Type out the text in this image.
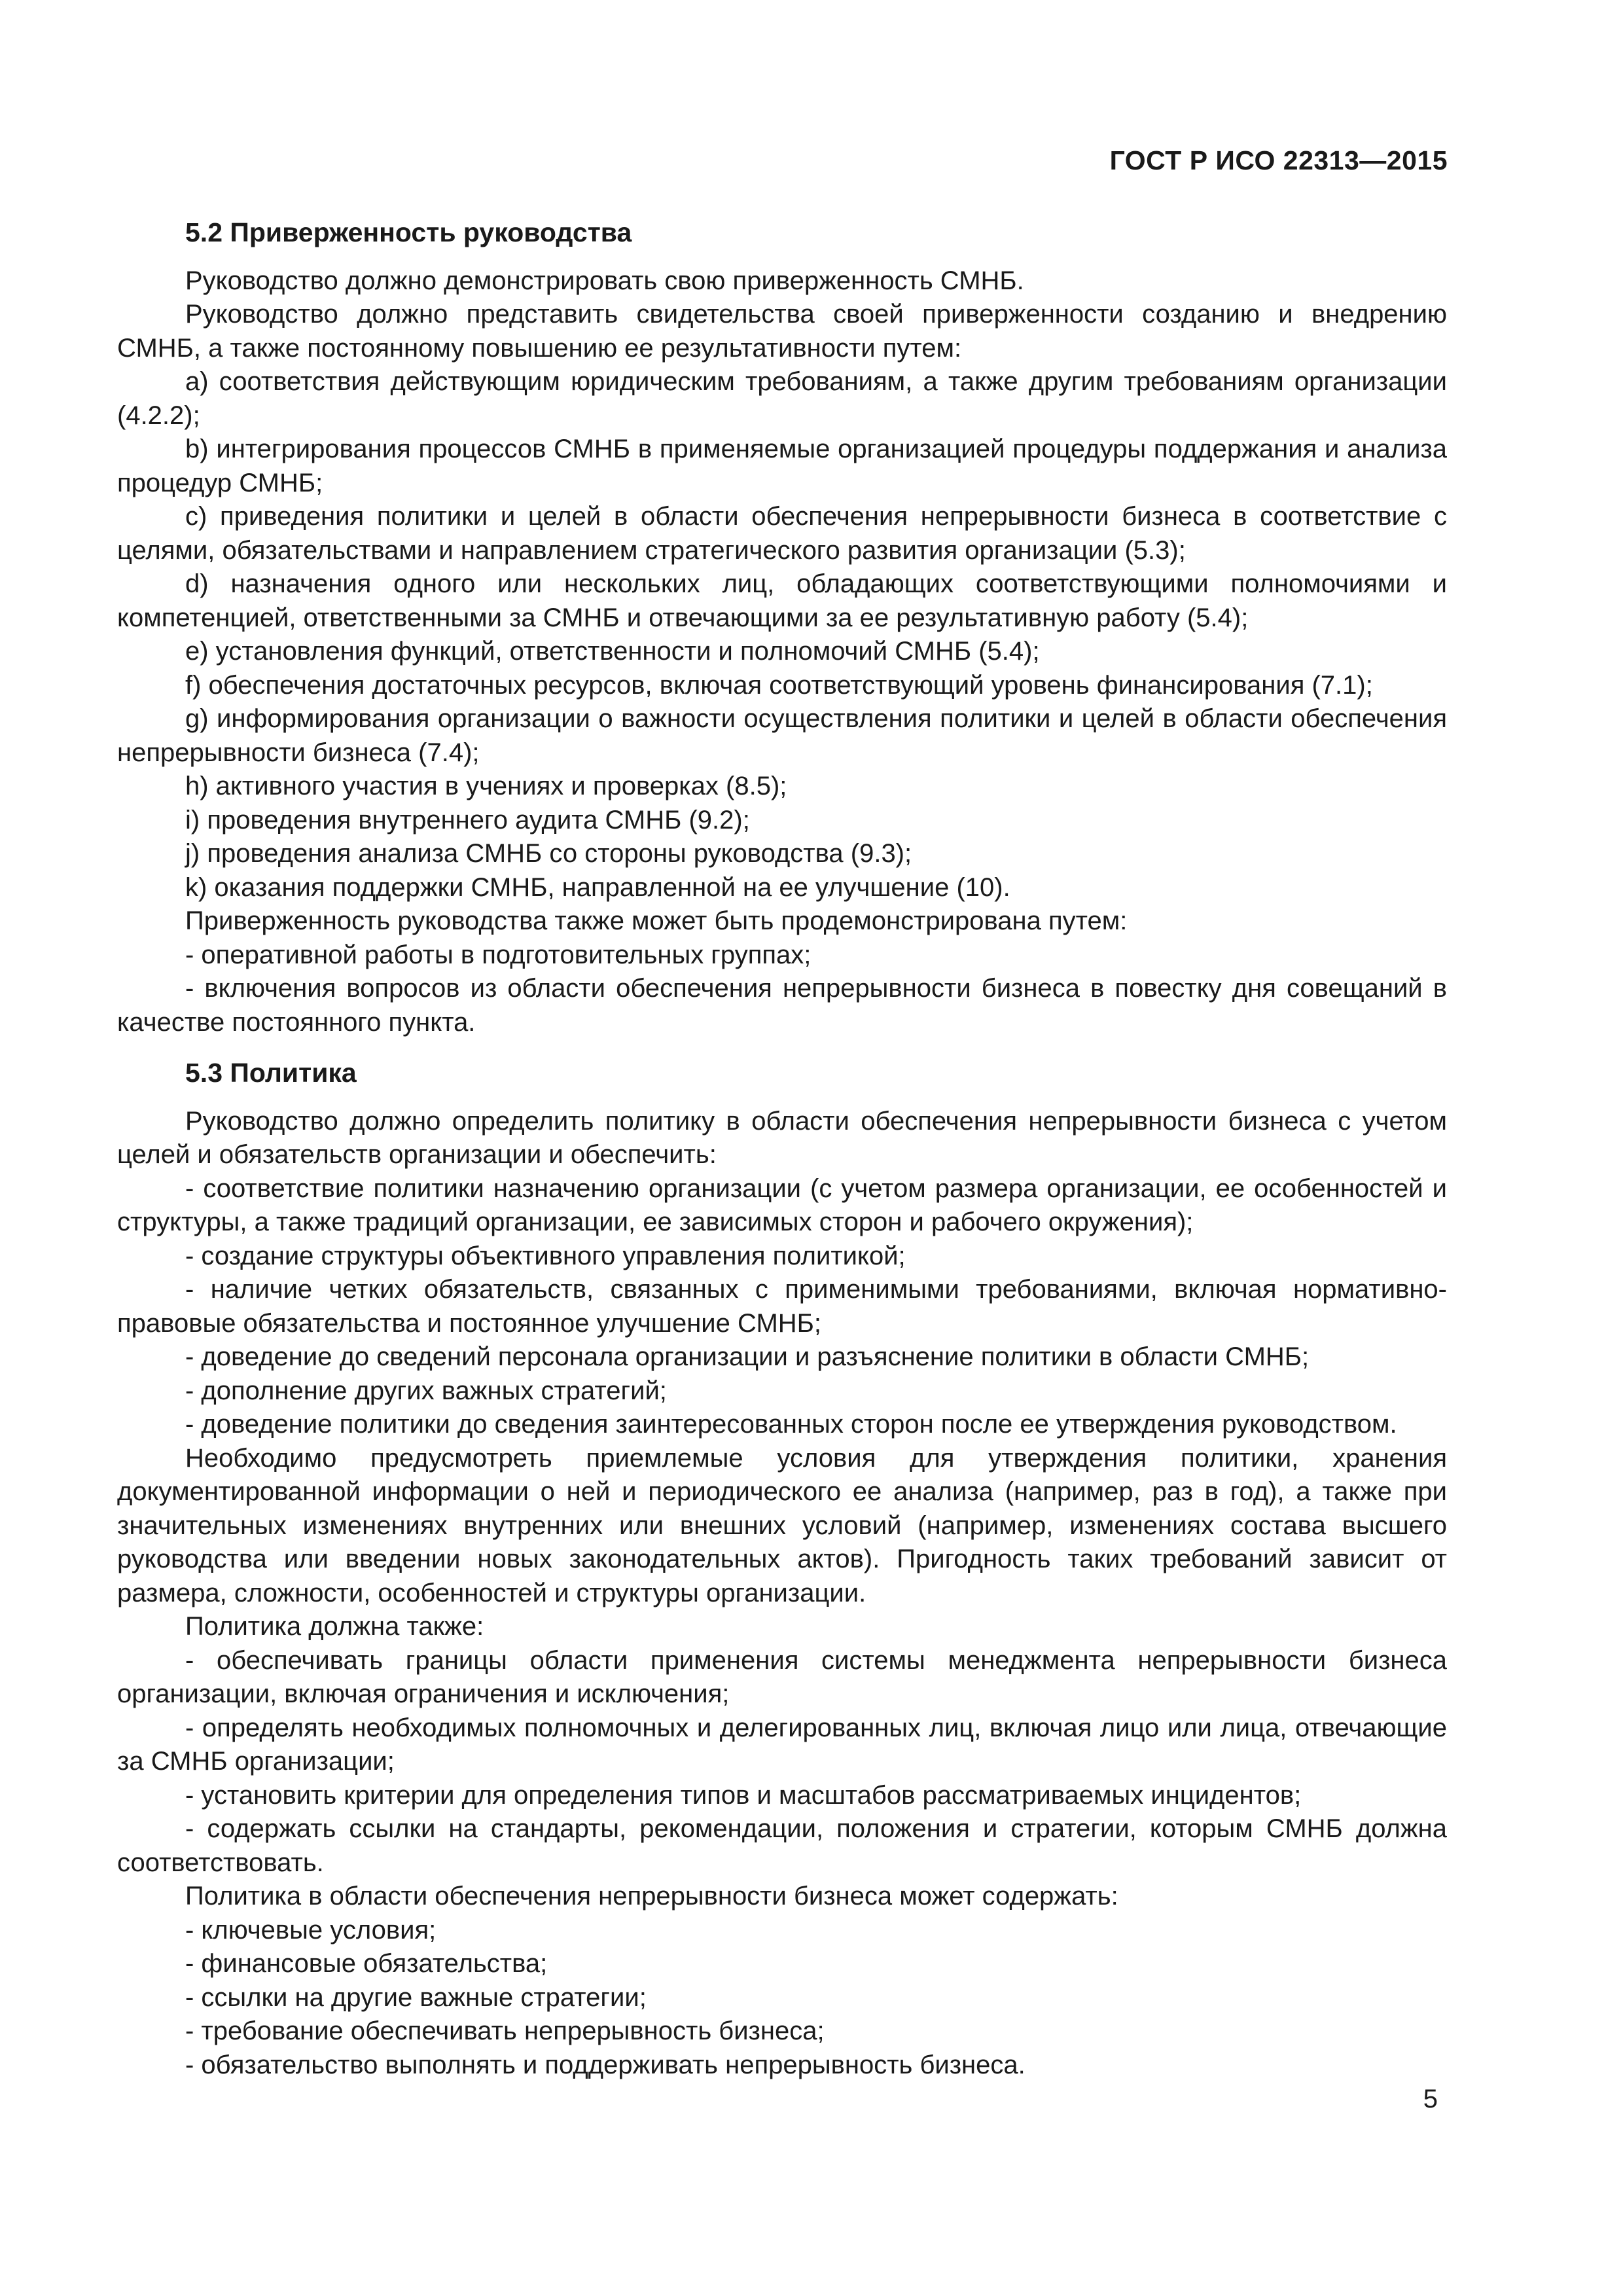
ГОСТ Р ИСО 22313—2015
5.2 Приверженность руководства

Руководство должно демонстрировать свою приверженность СМНБ.

Руководство должно представить свидетельства своей приверженности созданию и внедрению СМНБ, а также постоянному повышению ее результативности путем:

a) соответствия действующим юридическим требованиям, а также другим требованиям организации (4.2.2);

b) интегрирования процессов СМНБ в применяемые организацией процедуры поддержания и анализа процедур СМНБ;

c) приведения политики и целей в области обеспечения непрерывности бизнеса в соответствие с целями, обязательствами и направлением стратегического развития организации (5.3);

d) назначения одного или нескольких лиц, обладающих соответствующими полномочиями и компетенцией, ответственными за СМНБ и отвечающими за ее результативную работу (5.4);

e) установления функций, ответственности и полномочий СМНБ (5.4);

f) обеспечения достаточных ресурсов, включая соответствующий уровень финансирования (7.1);

g) информирования организации о важности осуществления политики и целей в области обеспечения непрерывности бизнеса (7.4);

h) активного участия в учениях и проверках (8.5);

i) проведения внутреннего аудита СМНБ (9.2);

j) проведения анализа СМНБ со стороны руководства (9.3);

k) оказания поддержки СМНБ, направленной на ее улучшение (10).

Приверженность руководства также может быть продемонстрирована путем:

- оперативной работы в подготовительных группах;

- включения вопросов из области обеспечения непрерывности бизнеса в повестку дня совещаний в качестве постоянного пункта.

5.3 Политика

Руководство должно определить политику в области обеспечения непрерывности бизнеса с учетом целей и обязательств организации и обеспечить:

- соответствие политики назначению организации (с учетом размера организации, ее особенностей и структуры, а также традиций организации, ее зависимых сторон и рабочего окружения);

- создание структуры объективного управления политикой;

- наличие четких обязательств, связанных с применимыми требованиями, включая нормативно-правовые обязательства и постоянное улучшение СМНБ;

- доведение до сведений персонала организации и разъяснение политики в области СМНБ;

- дополнение других важных стратегий;

- доведение политики до сведения заинтересованных сторон после ее утверждения руководством.

Необходимо предусмотреть приемлемые условия для утверждения политики, хранения документированной информации о ней и периодического ее анализа (например, раз в год), а также при значительных изменениях внутренних или внешних условий (например, изменениях состава высшего руководства или введении новых законодательных актов). Пригодность таких требований зависит от размера, сложности, особенностей и структуры организации.

Политика должна также:

- обеспечивать границы области применения системы менеджмента непрерывности бизнеса организации, включая ограничения и исключения;

- определять необходимых полномочных и делегированных лиц, включая лицо или лица, отвечающие за СМНБ организации;

- установить критерии для определения типов и масштабов рассматриваемых инцидентов;

- содержать ссылки на стандарты, рекомендации, положения и стратегии, которым СМНБ должна соответствовать.

Политика в области обеспечения непрерывности бизнеса может содержать:

- ключевые условия;

- финансовые обязательства;

- ссылки на другие важные стратегии;

- требование обеспечивать непрерывность бизнеса;

- обязательство выполнять и поддерживать непрерывность бизнеса.

5
